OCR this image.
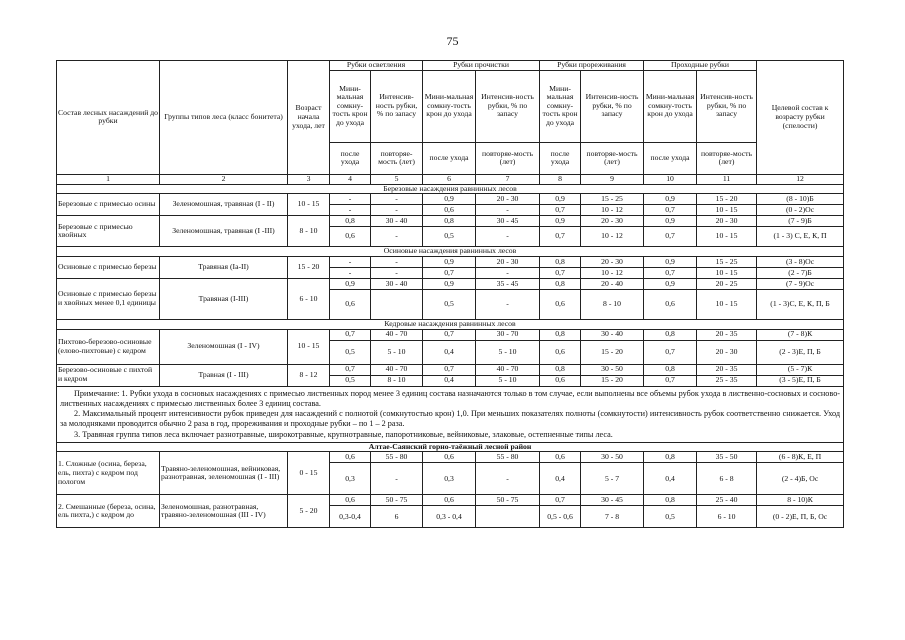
75
Состав лесных насаждений до рубки	Группы типов леса (класс бонитета)	Возраст начала ухода, лет	Рубки осветления		Рубки прочистки		Рубки прореживания		Проходные рубки		Целевой состав к возрасту рубки (спелости)
			Мини-мальная сомкну-тость крон до ухода	Интенсив-ность рубки, % по запасу	Мини-мальная сомкну-тость крон до ухода	Интенсив-ность рубки, % по запасу	Мини-мальная сомкну-тость крон до ухода	Интенсив-ность рубки, % по запасу	Мини-мальная сомкну-тость крон до ухода	Интенсив-ность рубки, % по запасу	
			после ухода	повторяе-мость (лет)	после ухода	повторяе-мость (лет)	после ухода	повторяе-мость (лет)	после ухода	повторяе-мость (лет)	
1	2	3	4	5	6	7	8	9	10	11	12
Березовые насаждения равнинных лесов											
Березовые с примесью осины	Зеленомошная, травяная (I - II)	10 - 15	-	-	0,9	20 - 30	0,9	15 - 25	0,9	15 - 20	(8 - 10)Б
			-	-	0,6	-	0,7	10 - 12	0,7	10 - 15	(0 - 2)Ос
Березовые с примесью хвойных	Зеленомошная, травяная (I -III)	8 - 10	0,8	30 - 40	0,8	30 - 45	0,9	20 - 30	0,9	20 - 30	(7 - 9)Б
			0,6	-	0,5	-	0,7	10 - 12	0,7	10 - 15	(1 - 3) С, Е, К, П
Осиновые насаждения равнинных лесов											
Осиновые с примесью березы	Травяная (Ia-II)	15 - 20	-	-	0,9	20 - 30	0,8	20 - 30	0,9	15 - 25	(3 - 8)Ос
			-	-	0,7	-	0,7	10 - 12	0,7	10 - 15	(2 - 7)Б
Осиновые с примесью березы и хвойных менее 0,1 единицы	Травяная (I-III)	6 - 10	0,9	30 - 40	0,9	35 - 45	0,8	20 - 40	0,9	20 - 25	(7 - 9)Ос
			0,6		0,5	-	0,6	8 - 10	0,6	10 - 15	(1 - 3)С, Е, К, П, Б
Кедровые насаждения равнинных лесов											
Пихтово-березово-осиновые (елово-пихтовые) с кедром	Зеленомошная (I - IV)	10 - 15	0,7	40 - 70	0,7	30 - 70	0,8	30 - 40	0,8	20 - 35	(7 - 8)К
			0,5	5 - 10	0,4	5 - 10	0,6	15 - 20	0,7	20 - 30	(2 - 3)Е, П, Б
Березово-осиновые с пихтой и кедром	Травная (I - III)	8 - 12	0,7	40 - 70	0,7	40 - 70	0,8	30 - 50	0,8	20 - 35	(5 - 7)К
			0,5	8 - 10	0,4	5 - 10	0,6	15 - 20	0,7	25 - 35	(3 - 5)Е, П, Б

Примечание: 1. Рубки ухода в сосновых насаждениях с примесью лиственных пород менее 3 единиц состава назначаются только в том случае, если выполнены все объемы рубок ухода в лиственно-сосновых и сосново-лиственных насаждениях с примесью лиственных более 3 единиц состава.

2. Максимальный процент интенсивности рубок приведен для насаждений с полнотой (сомкнутостью крон) 1,0. При меньших показателях полноты (сомкнутости) интенсивность рубок соответственно снижается. Уход за молодняками проводится обычно 2 раза в год, прореживания и проходные рубки – по 1 – 2 раза.

3. Травяная группа типов леса включает разнотравные, широкотравные, крупнотравные, папоротниковые, вейниковые, злаковые, остепненные типы леса.											

Алтае-Саянский горно-таёжный лесной район											
1. Сложные (осина, береза, ель, пихта) с кедром под пологом	Травяно-зеленомошная, вейниковая, разнотравная, зеленомошная (I - III)	0 - 15	0,6	55 - 80	0,6	55 - 80	0,6	30 - 50	0,8	35 - 50	(6 - 8)К, Е, П
			0,3	-	0,3	-	0,4	5 - 7	0,4	6 - 8	(2 - 4)Б, Ос
2. Смешанные (береза, осина, ель пихта,) с кедром до	Зеленомошная, разнотравная, травяно-зеленомошная (III - IV)	5 - 20	0,6	50 - 75	0,6	50 - 75	0,7	30 - 45	0,8	25 - 40	8 - 10)К
			0,3-0,4	6	0,3 - 0,4		0,5 - 0,6	7 - 8	0,5	6 - 10	(0 - 2)Е, П, Б, Ос
